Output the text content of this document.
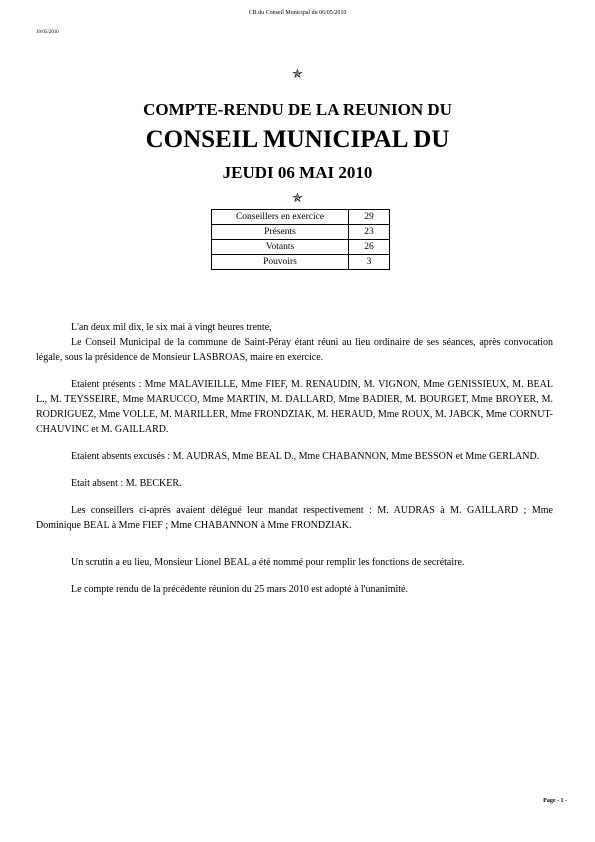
CR du Conseil Municipal du 06/05/2010
10/05/2010
✯
COMPTE-RENDU DE LA REUNION DU
CONSEIL MUNICIPAL DU
JEUDI 06 MAI 2010
✯
Conseillers en exercice	29
Présents	23
Votants	26
Pouvoirs	3

L'an deux mil dix, le six mai à vingt heures trente,

Le Conseil Municipal de la commune de Saint-Péray étant réuni au lieu ordinaire de ses séances, après convocation légale, sous la présidence de Monsieur LASBROAS, maire en exercice.

Etaient présents : Mme MALAVIEILLE, Mme FIEF, M. RENAUDIN, M. VIGNON, Mme GENISSIEUX, M. BEAL L., M. TEYSSEIRE, Mme MARUCCO, Mme MARTIN, M. DALLARD, Mme BADIER, M. BOURGET, Mme BROYER, M. RODRIGUEZ, Mme VOLLE, M. MARILLER, Mme FRONDZIAK, M. HERAUD, Mme ROUX, M. JABCK, Mme CORNUT-CHAUVINC et M. GAILLARD.

Etaient absents excusés : M. AUDRAS, Mme BEAL D., Mme CHABANNON, Mme BESSON et Mme GERLAND.

Etait absent : M. BECKER.

Les conseillers ci-après avaient délégué leur mandat respectivement : M. AUDRAS à M. GAILLARD ; Mme Dominique BEAL à Mme FIEF ; Mme CHABANNON à Mme FRONDZIAK.

Un scrutin a eu lieu, Monsieur Lionel BEAL a été nommé pour remplir les fonctions de secrétaire.

Le compte rendu de la précédente réunion du 25 mars 2010 est adopté à l'unanimité.

Page - 1 -
